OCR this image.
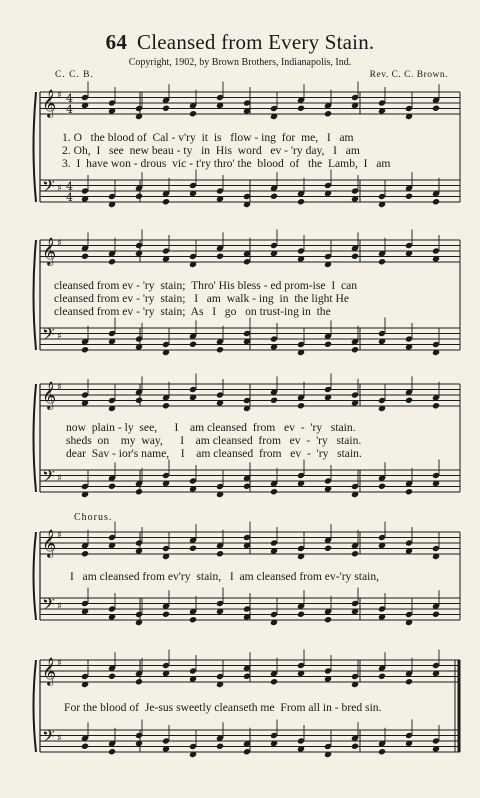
64 Cleansed from Every Stain.
Copyright, 1902, by Brown Brothers, Indianapolis, Ind.
C. C. B.	Rev. C. C. Brown.
𝄞
𝄢
♯
♯
4
4
4
4
𝄞
𝄢
♯
♯
𝄞
𝄢
♯
♯
𝄞
𝄢
♯
♯
𝄞
𝄢
♯
♯
1. O   the blood of  Cal - v'ry  it  is   flow - ing  for  me,   I   am
2. Oh,  I   see  new beau - ty   in  His  word   ev - 'ry day,   I   am
3.  I  have won - drous  vic - t'ry thro' the  blood  of   the  Lamb,  I   am
cleansed from ev - 'ry  stain;  Thro' His bless - ed prom-ise  I  can
cleansed from ev - 'ry  stain;   I   am  walk - ing  in  the light He
cleansed from ev - 'ry  stain;  As   I   go   on trust-ing in  the
now  plain - ly  see,      I    am cleansed  from   ev  -  'ry   stain.
sheds  on    my  way,      I    am cleansed  from   ev  -  'ry   stain.
dear  Sav - ior's name,    I    am cleansed  from   ev  -  'ry   stain.
Chorus.
I   am cleansed from ev'ry  stain,   I  am cleansed from ev-'ry stain,
For the blood of  Je-sus sweetly cleanseth me  From all in - bred sin.
